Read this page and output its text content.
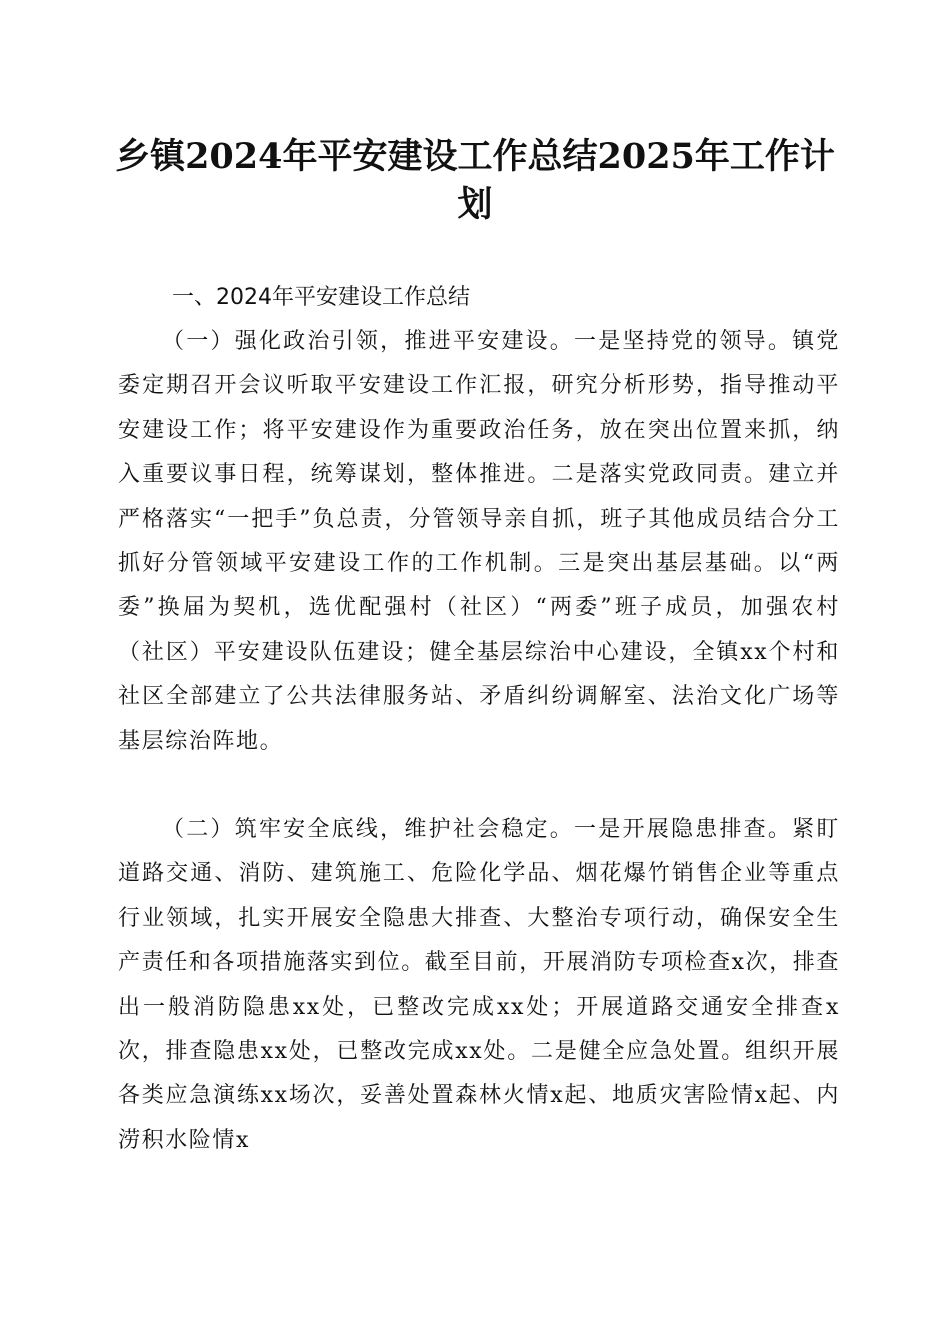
乡镇2024年平安建设工作总结2025年工作计划
一、2024年平安建设工作总结

（一）强化政治引领，推进平安建设。一是坚持党的领导。镇党委定期召开会议听取平安建设工作汇报，研究分析形势，指导推动平安建设工作；将平安建设作为重要政治任务，放在突出位置来抓，纳入重要议事日程，统筹谋划，整体推进。二是落实党政同责。建立并严格落实“一把手”负总责，分管领导亲自抓，班子其他成员结合分工抓好分管领域平安建设工作的工作机制。三是突出基层基础。以“两委”换届为契机，选优配强村（社区）“两委”班子成员，加强农村（社区）平安建设队伍建设；健全基层综治中心建设，全镇xx个村和社区全部建立了公共法律服务站、矛盾纠纷调解室、法治文化广场等基层综治阵地。

（二）筑牢安全底线，维护社会稳定。一是开展隐患排查。紧盯道路交通、消防、建筑施工、危险化学品、烟花爆竹销售企业等重点行业领域，扎实开展安全隐患大排查、大整治专项行动，确保安全生产责任和各项措施落实到位。截至目前，开展消防专项检查x次，排查出一般消防隐患xx处，已整改完成xx处；开展道路交通安全排查x次，排查隐患xx处，已整改完成xx处。二是健全应急处置。组织开展各类应急演练xx场次，妥善处置森林火情x起、地质灾害险情x起、内涝积水险情x
